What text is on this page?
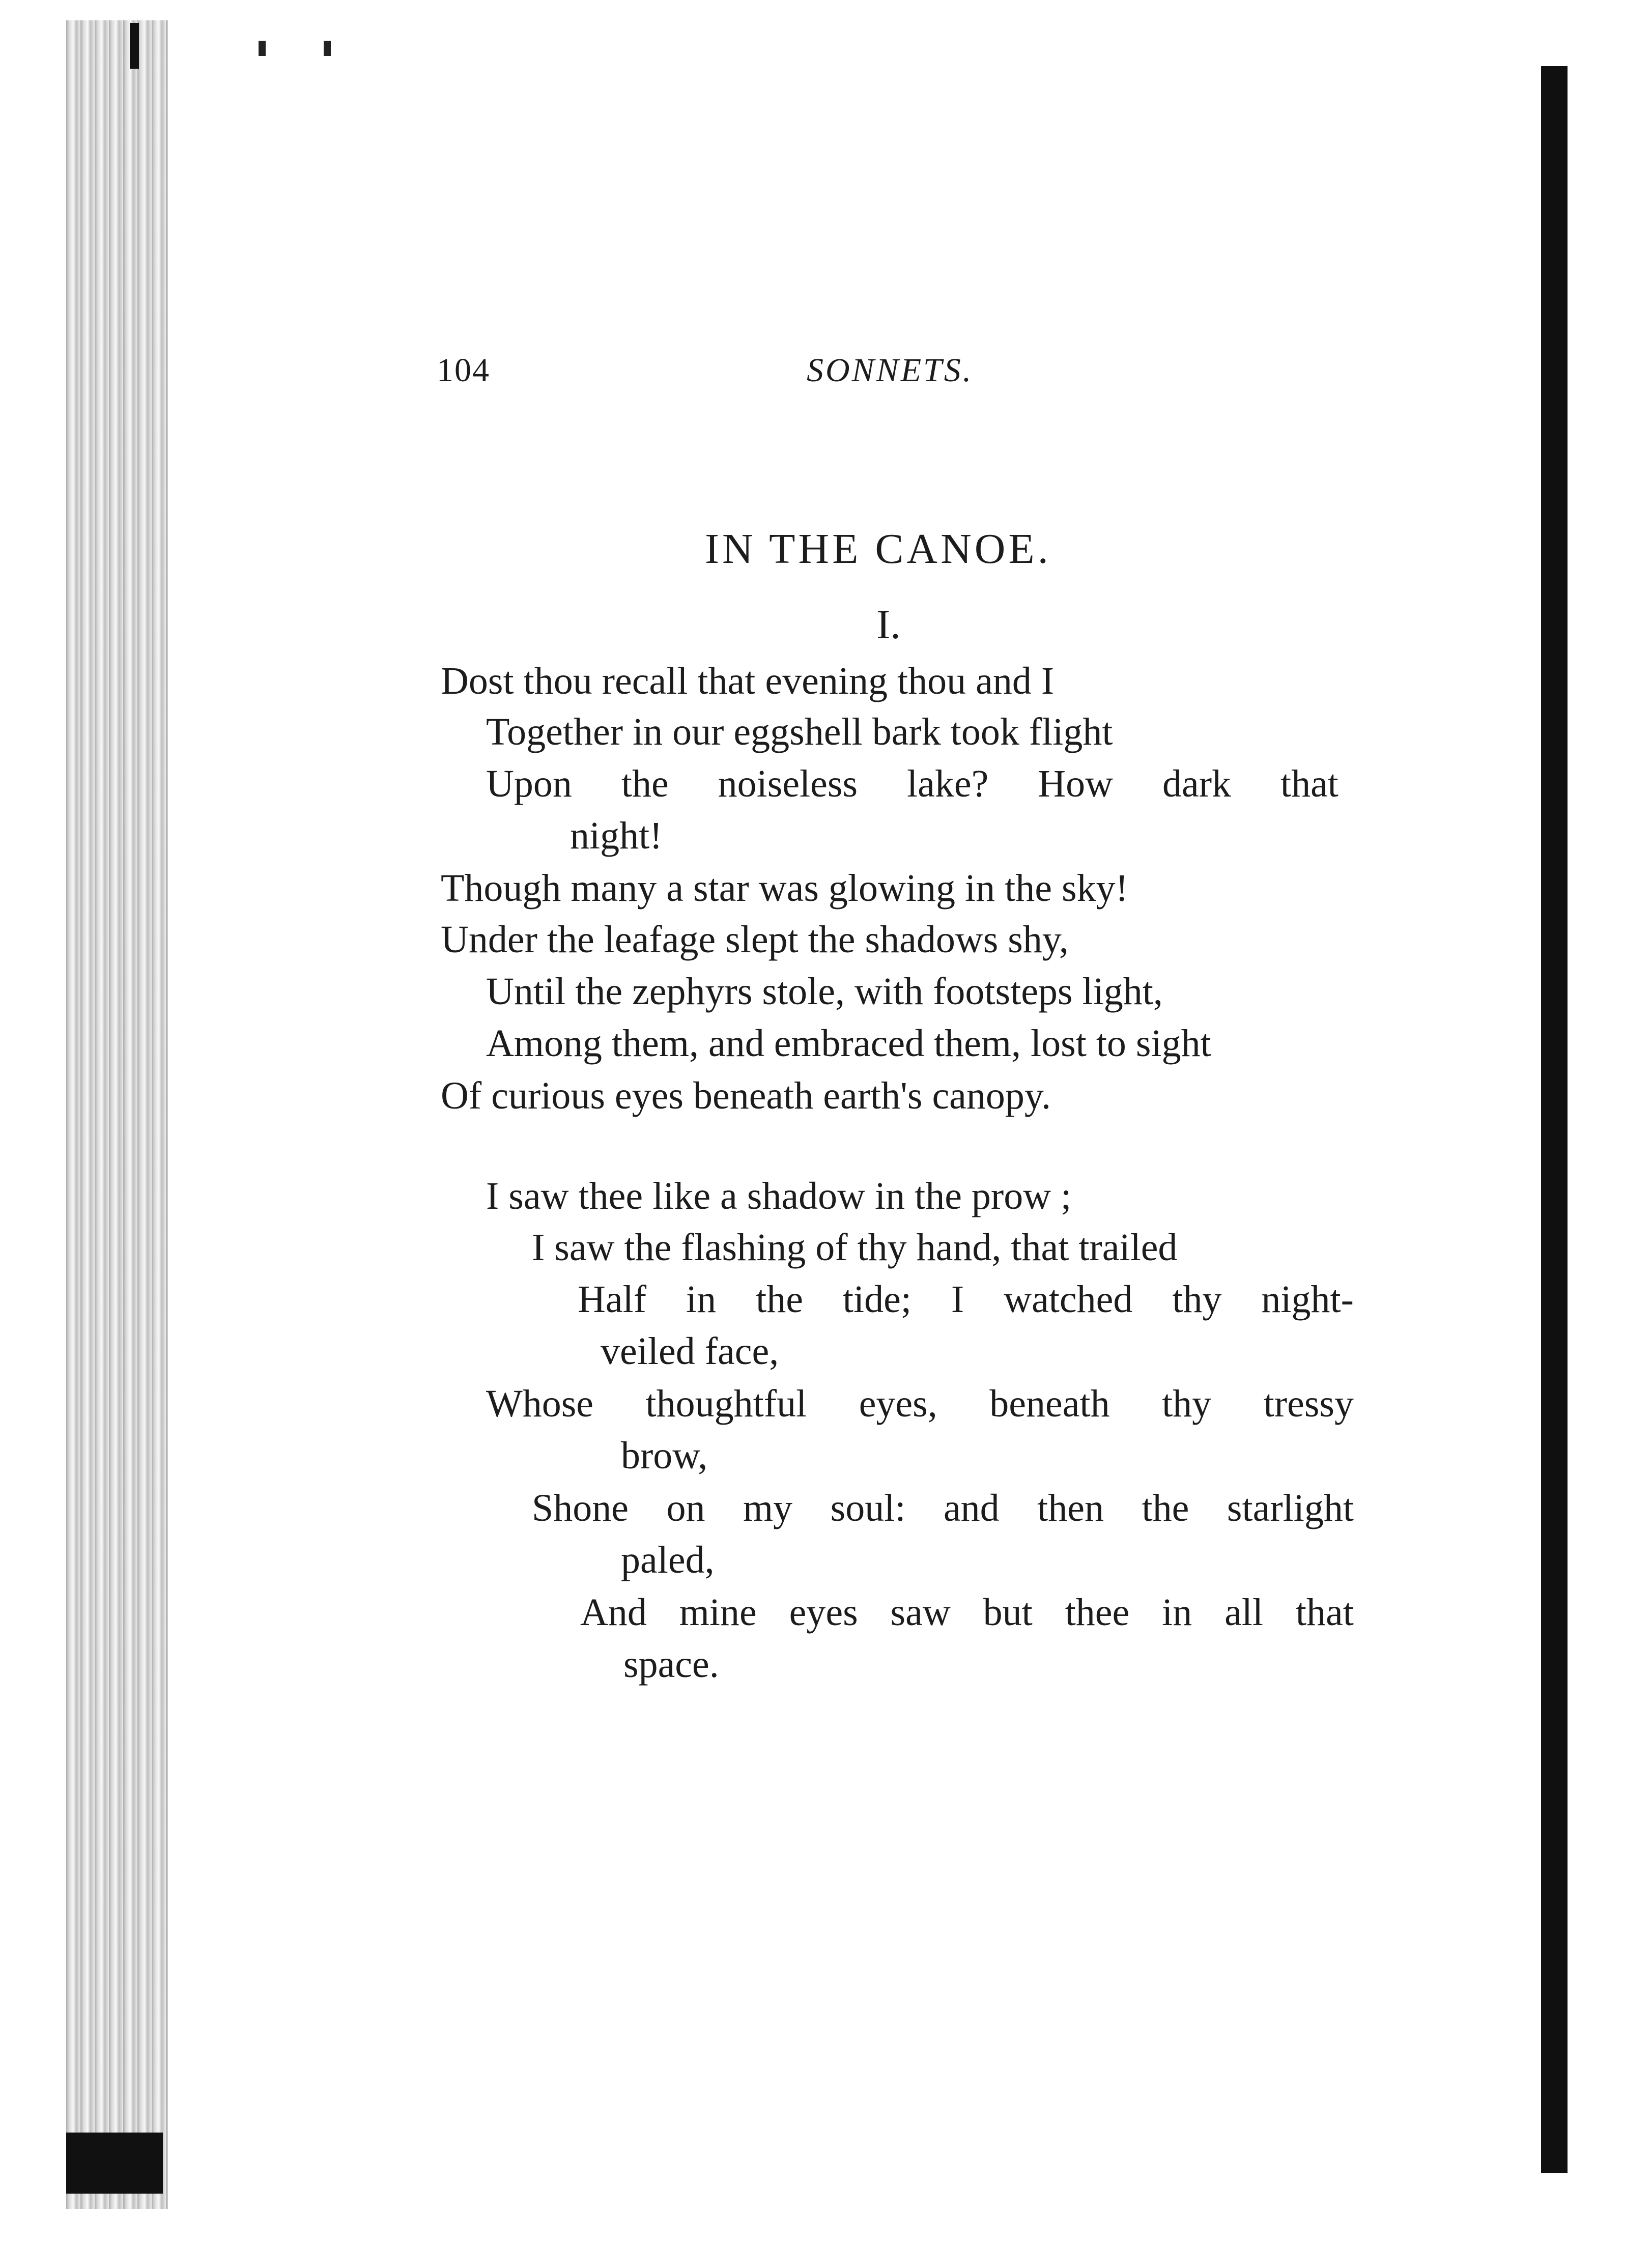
104	SONNETS.
IN THE CANOE.
I.
Dost thou recall that evening thou and I
Together in our eggshell bark took flight
Upon the noiseless lake? How dark that
night!
Though many a star was glowing in the sky!
Under the leafage slept the shadows shy,
Until the zephyrs stole, with footsteps light,
Among them, and embraced them, lost to sight
Of curious eyes beneath earth's canopy.
I saw thee like a shadow in the prow ;
I saw the flashing of thy hand, that trailed
Half in the tide; I watched thy night-
veiled face,
Whose thoughtful eyes, beneath thy tressy
brow,
Shone on my soul: and then the starlight
paled,
And mine eyes saw but thee in all that
space.
